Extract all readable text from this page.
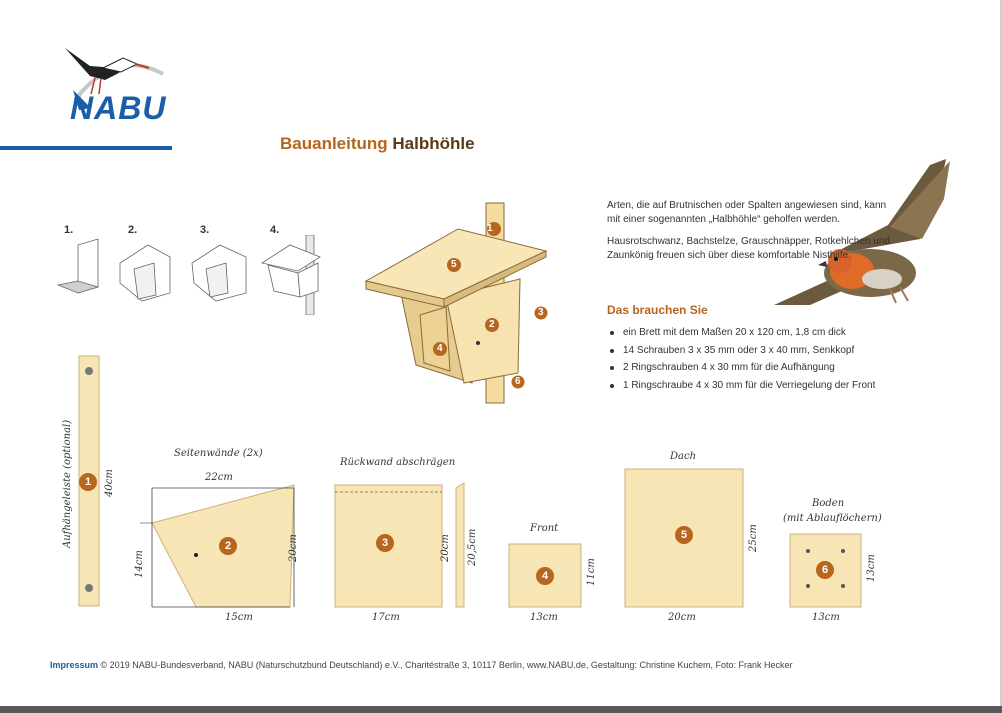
NABU
Bauanleitung Halbhöhle
1.	2.	3.	4.	1
5
2
3
4
6

Arten, die auf Brutnischen oder Spalten angewiesen sind, kann mit einer sogenannten „Halbhöhle“ geholfen werden.

Hausrotschwanz, Bachstelze, Grauschnäpper, Rotkehlchen und Zaunkönig freuen sich über diese komfortable Nisthilfe.

Das brauchen Sie
ein Brett mit dem Maßen 20 x 120 cm, 1,8 cm dick
14 Schrauben 3 x 35 mm oder 3 x 40 mm, Senkkopf
2 Ringschrauben 4 x 30 mm für die Aufhängung
1 Ringschraube 4 x 30 mm für die Verriegelung der Front
1
2	3
4
5
6
Aufhängeleiste (optional)	40cm
Seitenwände (2x)
22cm
20cm
14cm
15cm
Rückwand abschrägen
20cm 20,5cm
17cm
Front
11cm
13cm
Dach
25cm
20cm
Boden
(mit Ablauflöchern)
13cm
13cm
Impressum © 2019 NABU-Bundesverband, NABU (Naturschutzbund Deutschland) e.V., Charitéstraße 3, 10117 Berlin, www.NABU.de, Gestaltung: Christine Kuchem, Foto: Frank Hecker
